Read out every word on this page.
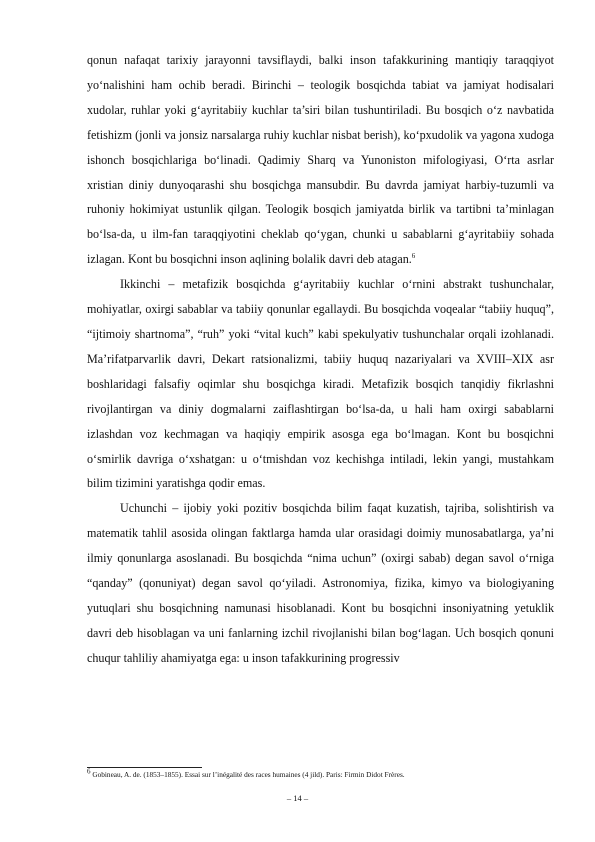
qonun nafaqat tarixiy jarayonni tavsiflaydi, balki inson tafakkurining mantiqiy taraqqiyot yo‘nalishini ham ochib beradi. Birinchi – teologik bosqichda tabiat va jamiyat hodisalari xudolar, ruhlar yoki g‘ayritabiiy kuchlar ta’siri bilan tushuntiriladi. Bu bosqich o‘z navbatida fetishizm (jonli va jonsiz narsalarga ruhiy kuchlar nisbat berish), ko‘pxudolik va yagona xudoga ishonch bosqichlariga bo‘linadi. Qadimiy Sharq va Yunoniston mifologiyasi, O‘rta asrlar xristian diniy dunyoqarashi shu bosqichga mansubdir. Bu davrda jamiyat harbiy-tuzumli va ruhoniy hokimiyat ustunlik qilgan. Teologik bosqich jamiyatda birlik va tartibni ta’minlagan bo‘lsa-da, u ilm-fan taraqqiyotini cheklab qo‘ygan, chunki u sabablarni g‘ayritabiiy sohada izlagan. Kont bu bosqichni inson aqlining bolalik davri deb atagan.$^6$

Ikkinchi – metafizik bosqichda g‘ayritabiiy kuchlar o‘rnini abstrakt tushunchalar, mohiyatlar, oxirgi sabablar va tabiiy qonunlar egallaydi. Bu bosqichda voqealar “tabiiy huquq”, “ijtimoiy shartnoma”, “ruh” yoki “vital kuch” kabi spekulyativ tushunchalar orqali izohlanadi. Ma’rifatparvarlik davri, Dekart ratsionalizmi, tabiiy huquq nazariyalari va XVIII–XIX asr boshlaridagi falsafiy oqimlar shu bosqichga kiradi. Metafizik bosqich tanqidiy fikrlashni rivojlantirgan va diniy dogmalarni zaiflashtirgan bo‘lsa-da, u hali ham oxirgi sabablarni izlashdan voz kechmagan va haqiqiy empirik asosga ega bo‘lmagan. Kont bu bosqichni o‘smirlik davriga o‘xshatgan: u o‘tmishdan voz kechishga intiladi, lekin yangi, mustahkam bilim tizimini yaratishga qodir emas.

Uchunchi – ijobiy yoki pozitiv bosqichda bilim faqat kuzatish, tajriba, solishtirish va matematik tahlil asosida olingan faktlarga hamda ular orasidagi doimiy munosabatlarga, ya’ni ilmiy qonunlarga asoslanadi. Bu bosqichda “nima uchun” (oxirgi sabab) degan savol o‘rniga “qanday” (qonuniyat) degan savol qo‘yiladi. Astronomiya, fizika, kimyo va biologiyaning yutuqlari shu bosqichning namunasi hisoblanadi. Kont bu bosqichni insoniyatning yetuklik davri deb hisoblagan va uni fanlarning izchil rivojlanishi bilan bog‘lagan. Uch bosqich qonuni chuqur tahliliy ahamiyatga ega: u inson tafakkurining progressiv

$^6$ Gobineau, A. de. (1853–1855). Essai sur l’inégalité des races humaines (4 jild). Paris: Firmin Didot Frères.
– 14 –
